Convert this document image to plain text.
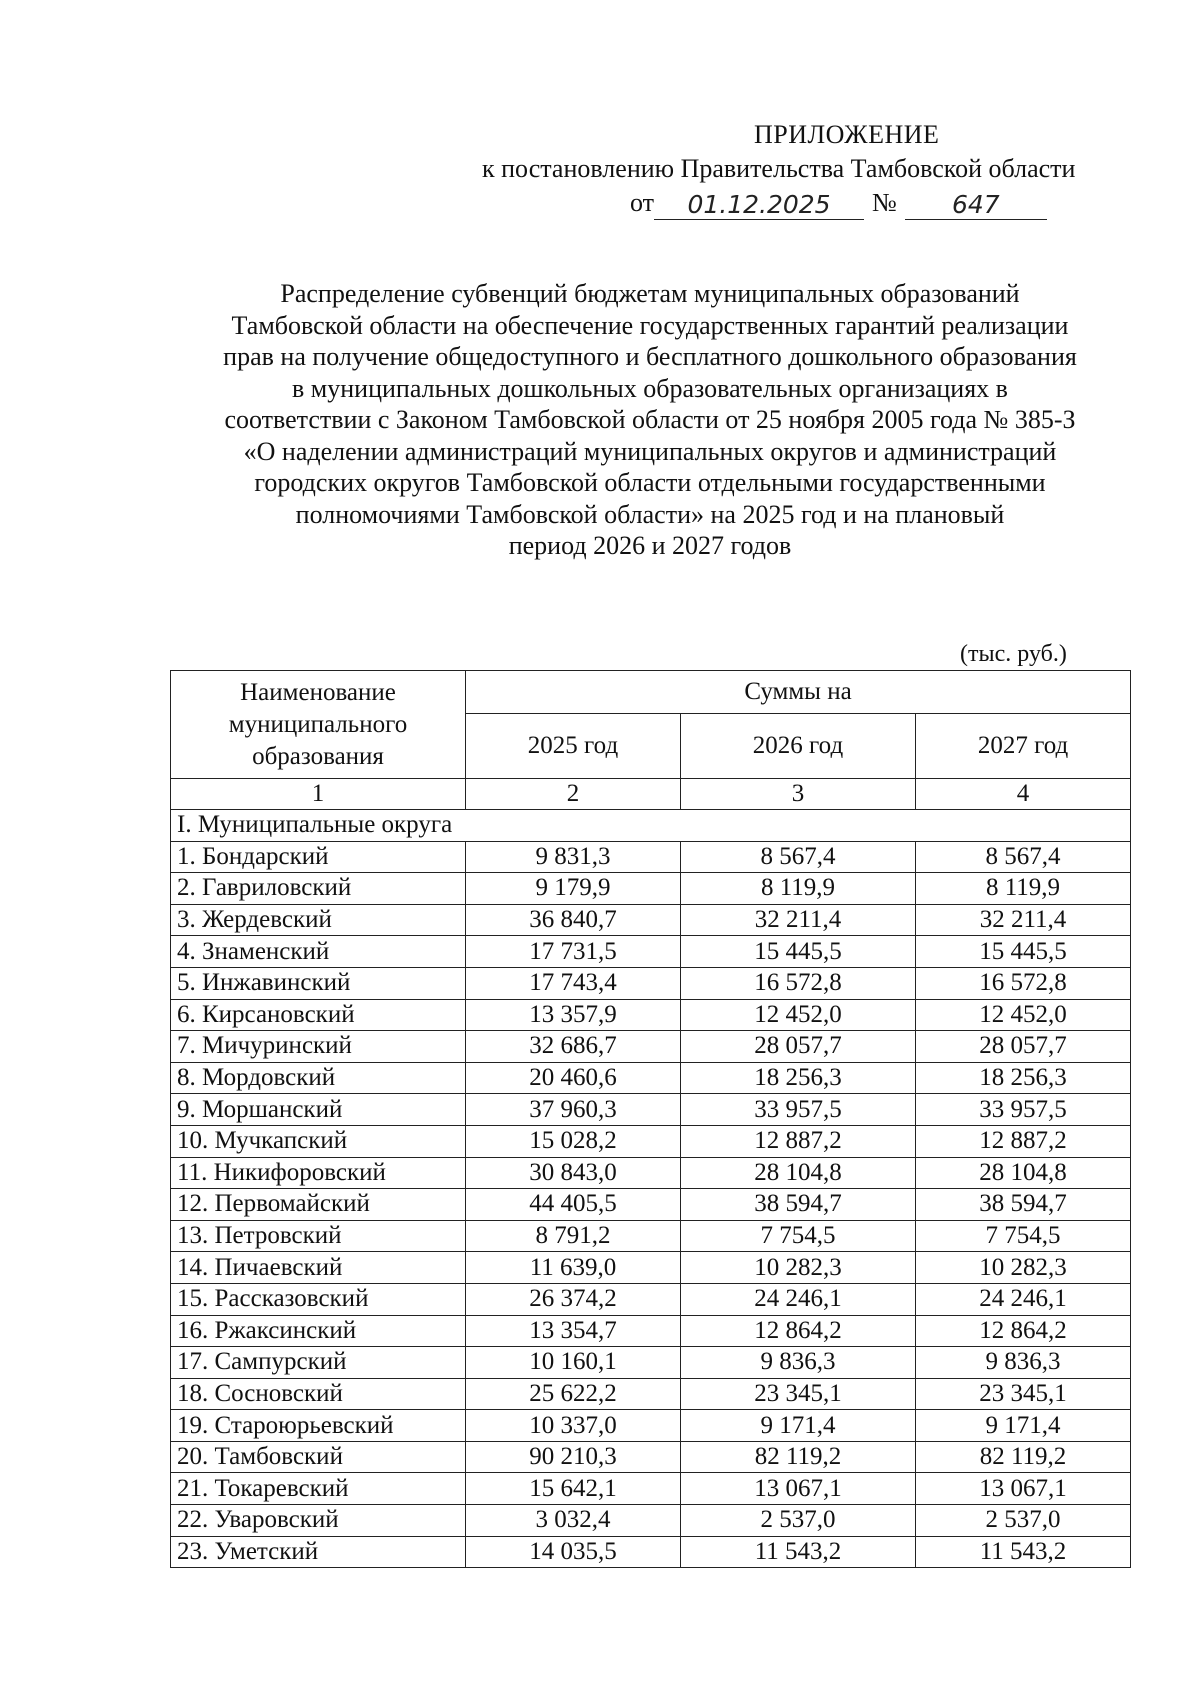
ПРИЛОЖЕНИЕ
к постановлению Правительства Тамбовской области
от	01.12.2025	№	647
Распределение субвенций бюджетам муниципальных образований
Тамбовской области на обеспечение государственных гарантий реализации
прав на получение общедоступного и бесплатного дошкольного образования
в муниципальных дошкольных образовательных организациях в
соответствии с Законом Тамбовской области от 25 ноября 2005 года № 385-З
«О наделении администраций муниципальных округов и администраций
городских округов Тамбовской области отдельными государственными
полномочиями Тамбовской области» на 2025 год и на плановый
период 2026 и 2027 годов
(тыс. руб.)
Наименование муниципального образования	Суммы на		
	2025 год	2026 год	2027 год
1	2	3	4
I. Муниципальные округа			
1. Бондарский	9 831,3	8 567,4	8 567,4
2. Гавриловский	9 179,9	8 119,9	8 119,9
3. Жердевский	36 840,7	32 211,4	32 211,4
4. Знаменский	17 731,5	15 445,5	15 445,5
5. Инжавинский	17 743,4	16 572,8	16 572,8
6. Кирсановский	13 357,9	12 452,0	12 452,0
7. Мичуринский	32 686,7	28 057,7	28 057,7
8. Мордовский	20 460,6	18 256,3	18 256,3
9. Моршанский	37 960,3	33 957,5	33 957,5
10. Мучкапский	15 028,2	12 887,2	12 887,2
11. Никифоровский	30 843,0	28 104,8	28 104,8
12. Первомайский	44 405,5	38 594,7	38 594,7
13. Петровский	8 791,2	7 754,5	7 754,5
14. Пичаевский	11 639,0	10 282,3	10 282,3
15. Рассказовский	26 374,2	24 246,1	24 246,1
16. Ржаксинский	13 354,7	12 864,2	12 864,2
17. Сампурский	10 160,1	9 836,3	9 836,3
18. Сосновский	25 622,2	23 345,1	23 345,1
19. Староюрьевский	10 337,0	9 171,4	9 171,4
20. Тамбовский	90 210,3	82 119,2	82 119,2
21. Токаревский	15 642,1	13 067,1	13 067,1
22. Уваровский	3 032,4	2 537,0	2 537,0
23. Уметский	14 035,5	11 543,2	11 543,2
